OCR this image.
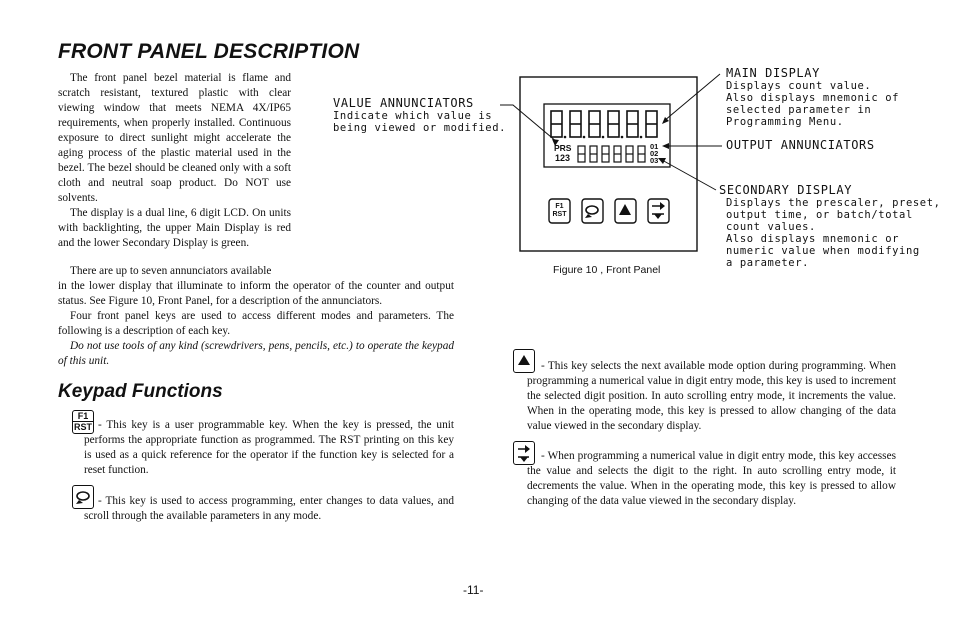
FRONT PANEL DESCRIPTION

The front panel bezel material is flame and scratch resistant, textured plastic with clear viewing window that meets NEMA 4X/IP65 requirements, when properly installed. Continuous exposure to direct sunlight might accelerate the aging process of the plastic material used in the bezel. The bezel should be cleaned only with a soft cloth and neutral soap product. Do NOT use solvents.

The display is a dual line, 6 digit LCD. On units with backlighting, the upper Main Display is red and the lower Secondary Display is green.

There are up to seven annunciators available

in the lower display that illuminate to inform the operator of the counter and output status. See Figure 10, Front Panel, for a description of the annunciators.

Four front panel keys are used to access different modes and parameters. The following is a description of each key.

Do not use tools of any kind (screwdrivers, pens, pencils, etc.) to operate the keypad of this unit.

VALUE ANNUNCIATORS
Indicate which value is
being viewed or modified.
MAIN DISPLAY
Displays count value.
Also displays mnemonic of
selected parameter in
Programming Menu.
OUTPUT ANNUNCIATORS
SECONDARY DISPLAY
Displays the prescaler, preset,
output time, or batch/total
count values.
Also displays mnemonic or
numeric value when modifying
a parameter.
PRS
123
01
02
03
F1
RST
Figure 10 , Front Panel
Keypad Functions
F1
RST - This key is a user programmable key. When the key is pressed, the unit performs the appropriate function as programmed. The RST printing on this key is used as a quick reference for the operator if the function key is selected for a reset function.
- This key is used to access programming, enter changes to data values, and scroll through the available parameters in any mode.
- This key selects the next available mode option during programming. When programming a numerical value in digit entry mode, this key is used to increment the selected digit position. In auto scrolling entry mode, it increments the value. When in the operating mode, this key is pressed to allow changing of the data value viewed in the secondary display.
- When programming a numerical value in digit entry mode, this key accesses the value and selects the digit to the right. In auto scrolling entry mode, it decrements the value. When in the operating mode, this key is pressed to allow changing of the data value viewed in the secondary display.
-11-
